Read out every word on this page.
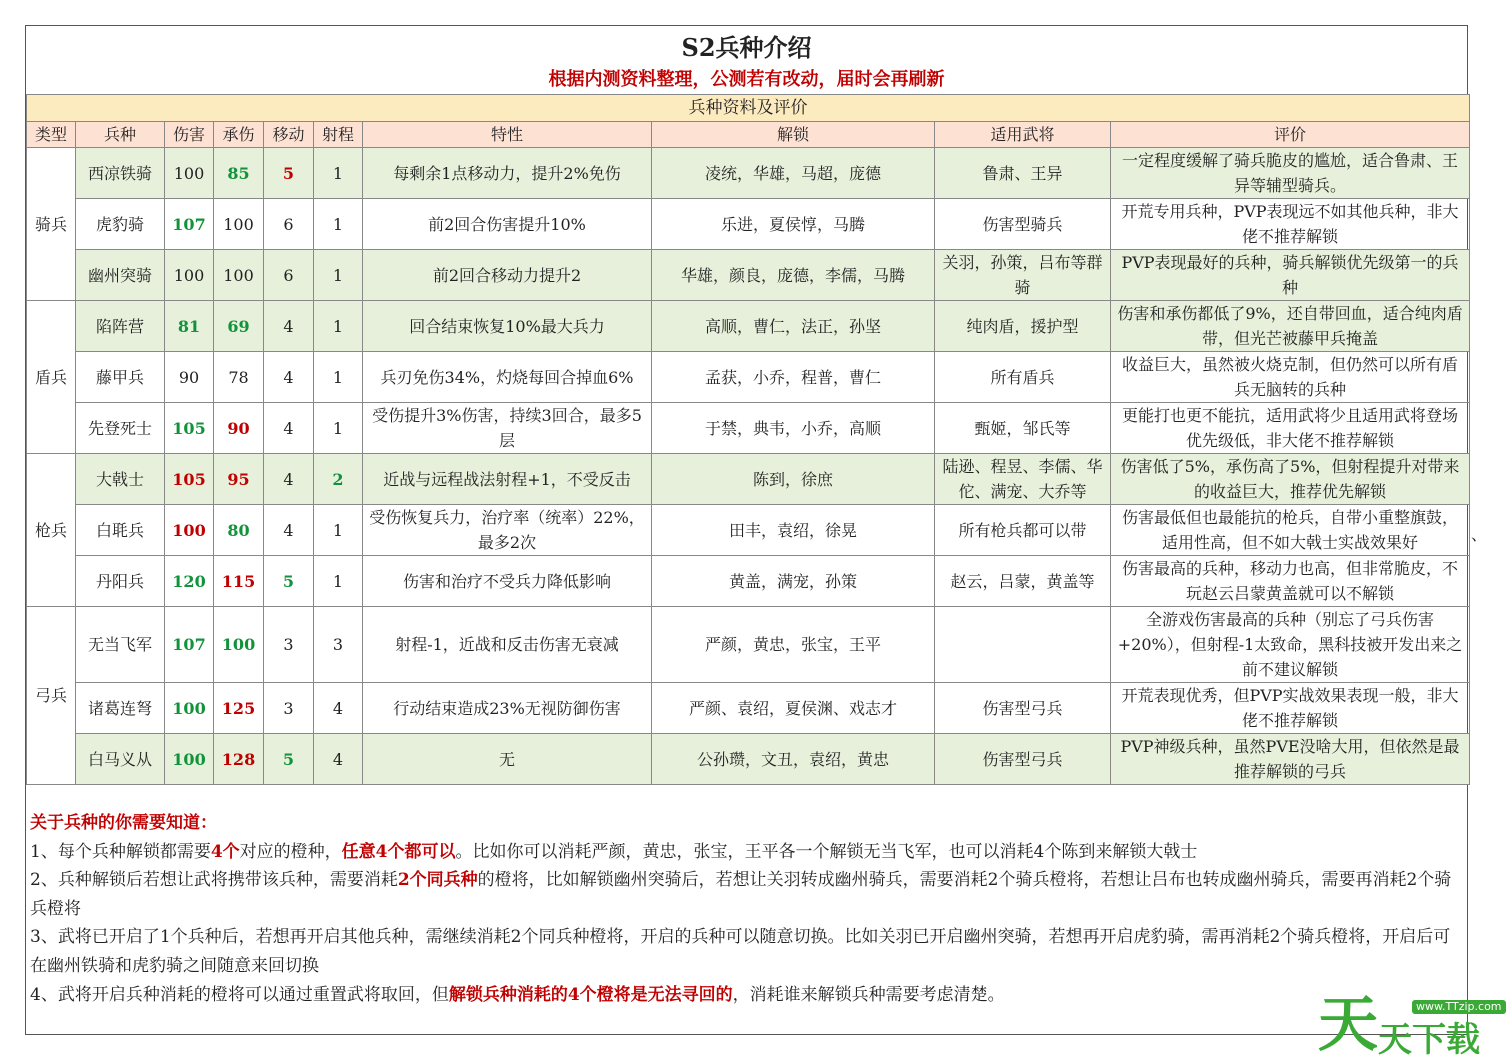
S2兵种介绍
根据内测资料整理，公测若有改动，届时会再刷新
兵种资料及评价									
类型	兵种	伤害	承伤	移动	射程	特性	解锁	适用武将	评价
骑兵	西凉铁骑	100	85	5	1	每剩余1点移动力，提升2%免伤	凌统，华雄，马超，庞德	鲁肃、王异	一定程度缓解了骑兵脆皮的尴尬，适合鲁肃、王异等辅型骑兵。
	虎豹骑	107	100	6	1	前2回合伤害提升10%	乐进，夏侯惇，马腾	伤害型骑兵	开荒专用兵种，PVP表现远不如其他兵种，非大佬不推荐解锁
	幽州突骑	100	100	6	1	前2回合移动力提升2	华雄，颜良，庞德，李儒，马腾	关羽，孙策，吕布等群骑	PVP表现最好的兵种，骑兵解锁优先级第一的兵种
盾兵	陷阵营	81	69	4	1	回合结束恢复10%最大兵力	高顺，曹仁，法正，孙坚	纯肉盾，援护型	伤害和承伤都低了9%，还自带回血，适合纯肉盾带，但光芒被藤甲兵掩盖
	藤甲兵	90	78	4	1	兵刃免伤34%，灼烧每回合掉血6%	孟获，小乔，程普，曹仁	所有盾兵	收益巨大，虽然被火烧克制，但仍然可以所有盾兵无脑转的兵种
	先登死士	105	90	4	1	受伤提升3%伤害，持续3回合，最多5层	于禁，典韦，小乔，高顺	甄姬，邹氏等	更能打也更不能抗，适用武将少且适用武将登场优先级低，非大佬不推荐解锁
枪兵	大戟士	105	95	4	2	近战与远程战法射程+1，不受反击	陈到，徐庶	陆逊、程昱、李儒、华佗、满宠、大乔等	伤害低了5%，承伤高了5%，但射程提升对带来的收益巨大，推荐优先解锁
	白毦兵	100	80	4	1	受伤恢复兵力，治疗率（统率）22%，最多2次	田丰，袁绍，徐晃	所有枪兵都可以带	伤害最低但也最能抗的枪兵，自带小重整旗鼓，适用性高，但不如大戟士实战效果好
	丹阳兵	120	115	5	1	伤害和治疗不受兵力降低影响	黄盖，满宠，孙策	赵云，吕蒙，黄盖等	伤害最高的兵种，移动力也高，但非常脆皮，不玩赵云吕蒙黄盖就可以不解锁
弓兵	无当飞军	107	100	3	3	射程-1，近战和反击伤害无衰减	严颜，黄忠，张宝，王平		全游戏伤害最高的兵种（别忘了弓兵伤害+20%），但射程-1太致命，黑科技被开发出来之前不建议解锁
	诸葛连弩	100	125	3	4	行动结束造成23%无视防御伤害	严颜、袁绍，夏侯渊、戏志才	伤害型弓兵	开荒表现优秀，但PVP实战效果表现一般，非大佬不推荐解锁
	白马义从	100	128	5	4	无	公孙瓒，文丑，袁绍，黄忠	伤害型弓兵	PVP神级兵种，虽然PVE没啥大用，但依然是最推荐解锁的弓兵
关于兵种的你需要知道：
1、每个兵种解锁都需要4个对应的橙种，任意4个都可以。比如你可以消耗严颜，黄忠，张宝，王平各一个解锁无当飞军，也可以消耗4个陈到来解锁大戟士
2、兵种解锁后若想让武将携带该兵种，需要消耗2个同兵种的橙将，比如解锁幽州突骑后，若想让关羽转成幽州骑兵，需要消耗2个骑兵橙将，若想让吕布也转成幽州骑兵，需要再消耗2个骑兵橙将
3、武将已开启了1个兵种后，若想再开启其他兵种，需继续消耗2个同兵种橙将，开启的兵种可以随意切换。比如关羽已开启幽州突骑，若想再开启虎豹骑，需再消耗2个骑兵橙将，开启后可在幽州铁骑和虎豹骑之间随意来回切换
4、武将开启兵种消耗的橙将可以通过重置武将取回，但解锁兵种消耗的4个橙将是无法寻回的，消耗谁来解锁兵种需要考虑清楚。
、
天	www.TTzip.com
天下载
